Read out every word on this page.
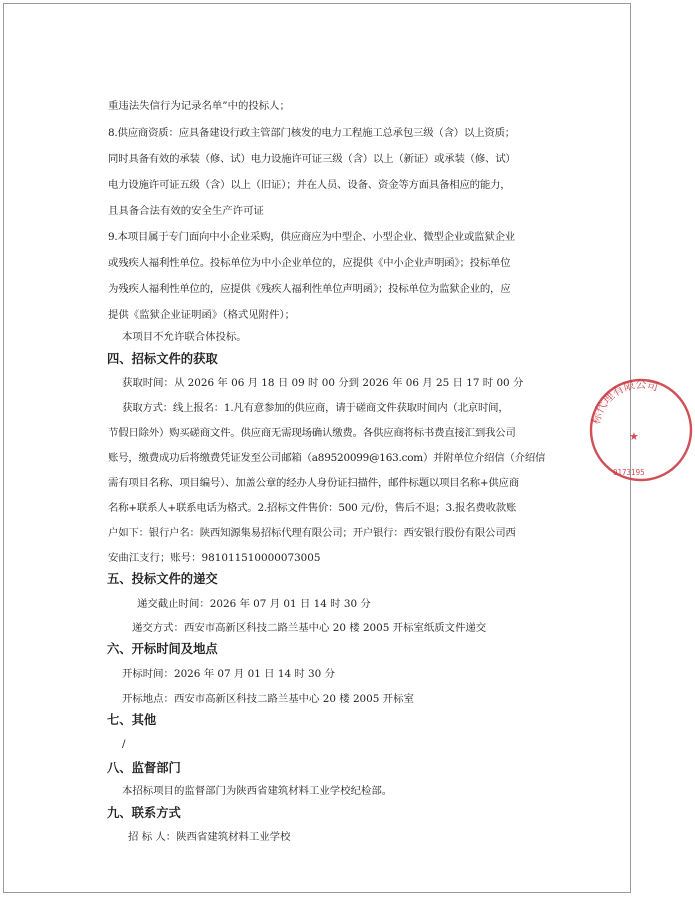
重违法失信行为记录名单”中的投标人；
8.供应商资质：应具备建设行政主管部门核发的电力工程施工总承包三级（含）以上资质；
同时具备有效的承装（修、试）电力设施许可证三级（含）以上（新证）或承装（修、试）
电力设施许可证五级（含）以上（旧证）；并在人员、设备、资金等方面具备相应的能力，
且具备合法有效的安全生产许可证
9.本项目属于专门面向中小企业采购，供应商应为中型企、小型企业、微型企业或监狱企业
或残疾人福利性单位。投标单位为中小企业单位的，应提供《中小企业声明函》；投标单位
为残疾人福利性单位的，应提供《残疾人福利性单位声明函》；投标单位为监狱企业的，应
提供《监狱企业证明函》（格式见附件）；
本项目不允许联合体投标。
四、招标文件的获取
获取时间：从 2026 年 06 月 18 日 09 时 00 分到 2026 年 06 月 25 日 17 时 00 分
获取方式：线上报名：1.凡有意参加的供应商，请于磋商文件获取时间内（北京时间，
节假日除外）购买磋商文件。供应商无需现场确认缴费。各供应商将标书费直接汇到我公司
账号，缴费成功后将缴费凭证发至公司邮箱（a89520099@163.com）并附单位介绍信（介绍信
需有项目名称、项目编号）、加盖公章的经办人身份证扫描件，邮件标题以项目名称+供应商
名称+联系人+联系电话为格式。2.招标文件售价：500 元/份，售后不退；3.报名费收款账
户如下：银行户名：陕西知源集易招标代理有限公司；开户银行：西安银行股份有限公司西
安曲江支行；账号：981011510000073005
五、投标文件的递交
递交截止时间：2026 年 07 月 01 日 14 时 30 分
递交方式：西安市高新区科技二路兰基中心 20 楼 2005 开标室纸质文件递交
六、开标时间及地点
开标时间：2026 年 07 月 01 日 14 时 30 分
开标地点：西安市高新区科技二路兰基中心 20 楼 2005 开标室
七、其他
/
八、监督部门
本招标项目的监督部门为陕西省建筑材料工业学校纪检部。
九、联系方式
招 标 人：陕西省建筑材料工业学校
标代理有限公司
0173195
★
